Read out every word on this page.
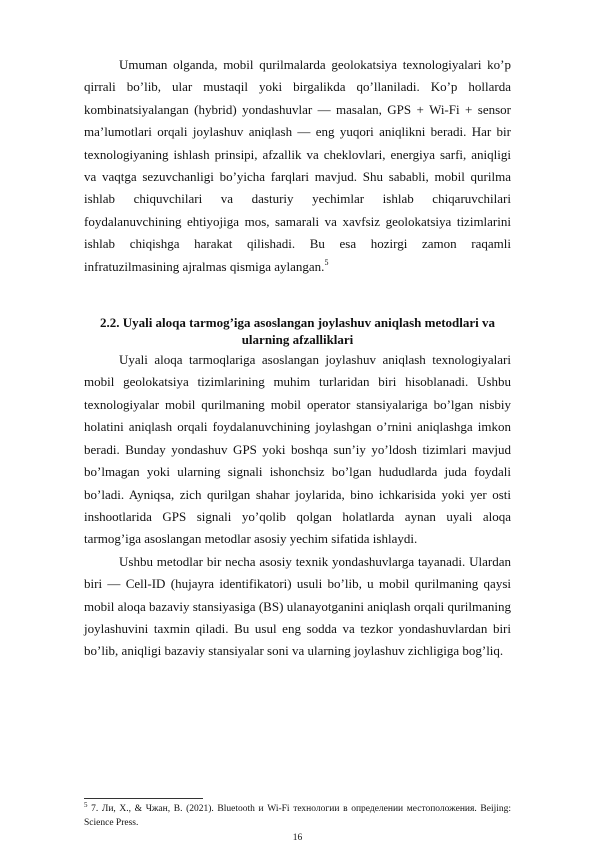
Umuman olganda, mobil qurilmalarda geolokatsiya texnologiyalari ko’p qirrali bo’lib, ular mustaqil yoki birgalikda qo’llaniladi. Ko’p hollarda kombinatsiyalangan (hybrid) yondashuvlar — masalan, GPS + Wi-Fi + sensor ma’lumotlari orqali joylashuv aniqlash — eng yuqori aniqlikni beradi. Har bir texnologiyaning ishlash prinsipi, afzallik va cheklovlari, energiya sarfi, aniqligi va vaqtga sezuvchanligi bo’yicha farqlari mavjud. Shu sababli, mobil qurilma ishlab chiquvchilari va dasturiy yechimlar ishlab chiqaruvchilari foydalanuvchining ehtiyojiga mos, samarali va xavfsiz geolokatsiya tizimlarini ishlab chiqishga harakat qilishadi. Bu esa hozirgi zamon raqamli infratuzilmasining ajralmas qismiga aylangan.$^5$

2.2. Uyali aloqa tarmog’iga asoslangan joylashuv aniqlash metodlari va ularning afzalliklari

Uyali aloqa tarmoqlariga asoslangan joylashuv aniqlash texnologiyalari mobil geolokatsiya tizimlarining muhim turlaridan biri hisoblanadi. Ushbu texnologiyalar mobil qurilmaning mobil operator stansiyalariga bo’lgan nisbiy holatini aniqlash orqali foydalanuvchining joylashgan o’rnini aniqlashga imkon beradi. Bunday yondashuv GPS yoki boshqa sun’iy yo’ldosh tizimlari mavjud bo’lmagan yoki ularning signali ishonchsiz bo’lgan hududlarda juda foydali bo’ladi. Ayniqsa, zich qurilgan shahar joylarida, bino ichkarisida yoki yer osti inshootlarida GPS signali yo’qolib qolgan holatlarda aynan uyali aloqa tarmog’iga asoslangan metodlar asosiy yechim sifatida ishlaydi.

Ushbu metodlar bir necha asosiy texnik yondashuvlarga tayanadi. Ulardan biri — Cell-ID (hujayra identifikatori) usuli bo’lib, u mobil qurilmaning qaysi mobil aloqa bazaviy stansiyasiga (BS) ulanayotganini aniqlash orqali qurilmaning joylashuvini taxmin qiladi. Bu usul eng sodda va tezkor yondashuvlardan biri bo’lib, aniqligi bazaviy stansiyalar soni va ularning joylashuv zichligiga bog’liq.

$^5$ 7. Ли, X., & Чжан, B. (2021). Bluetooth и Wi-Fi технологии в определении местоположения. Beijing: Science Press.

16
